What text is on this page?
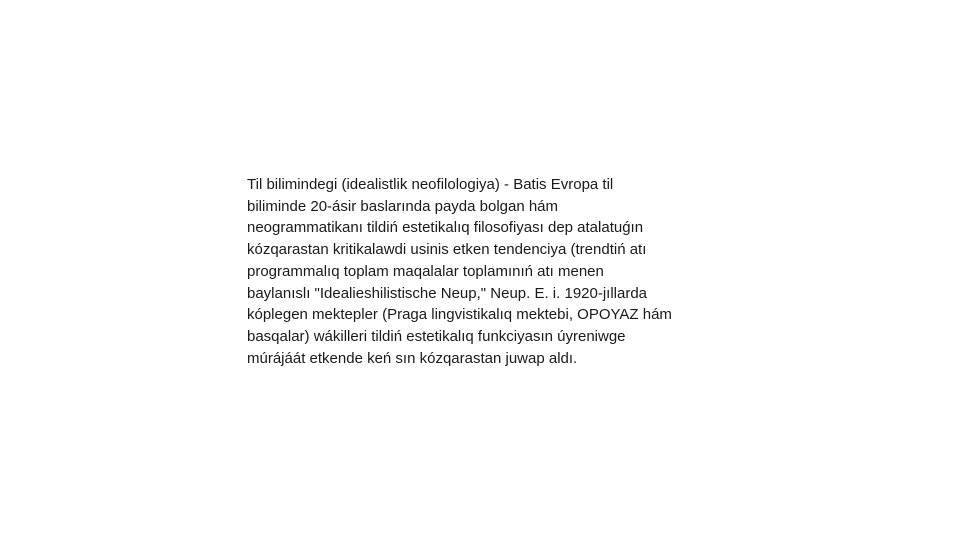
Til bilimindegi (idealistlik neofilologiya) - Batis Evropa til
biliminde 20-ásir baslarında payda bolgan hám
neogrammatikanı tildiń estetikalıq filosofiyası dep atalatuǵın
kózqarastan kritikalawdi usinis etken tendenciya (trendtiń atı
programmalıq toplam maqalalar toplamınıń atı menen
baylanıslı "Idealieshilistische Neup," Neup. E. i. 1920-jıllarda
kóplegen mektepler (Praga lingvistikalıq mektebi, OPOYAZ hám
basqalar) wákilleri tildiń estetikalıq funkciyasın úyreniwge
múrájáát etkende keń sın kózqarastan juwap aldı.
